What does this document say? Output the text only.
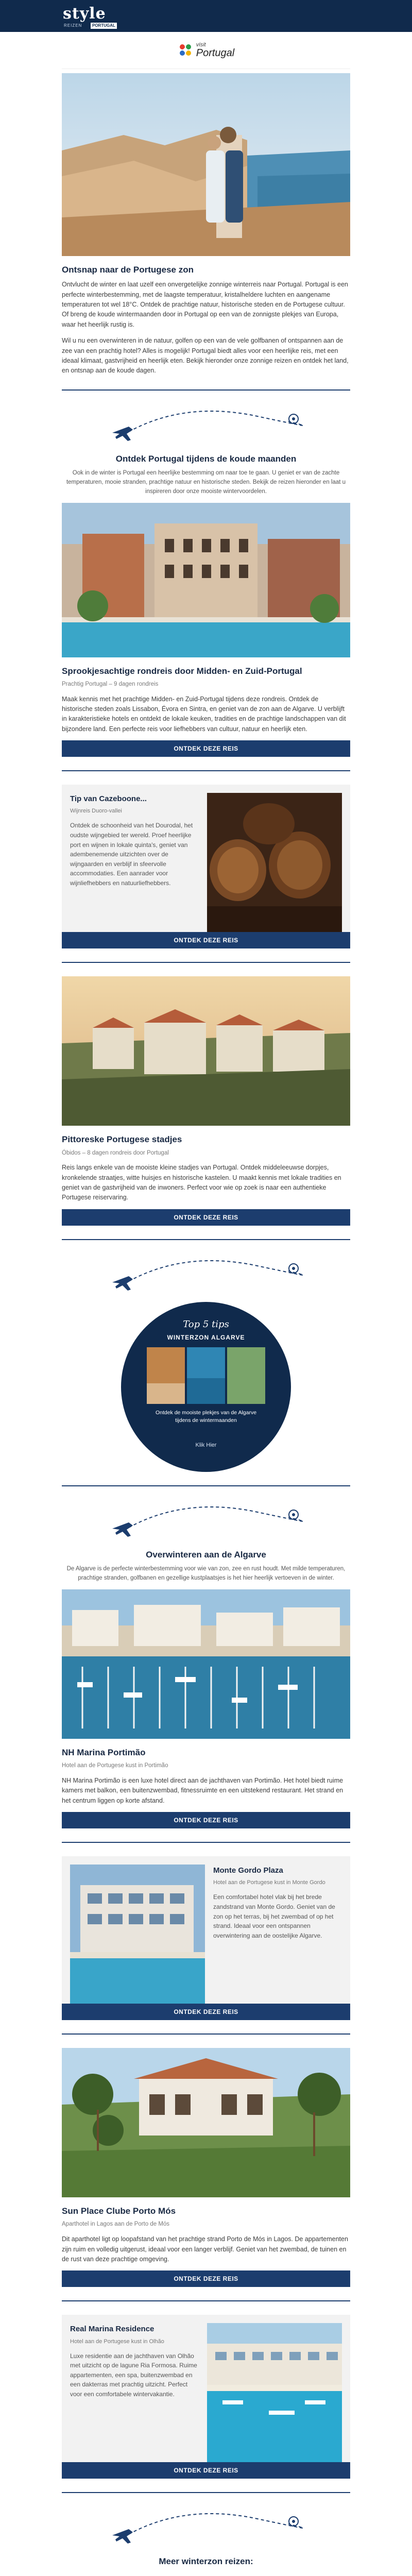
style
REIZEN	PORTUGAL
visit
Portugal
Ontsnap naar de Portugese zon

Ontvlucht de winter en laat uzelf een onvergetelijke zonnige winterreis naar Portugal. Portugal is een perfecte winterbestemming, met de laagste temperatuur, kristalheldere luchten en aangename temperaturen tot wel 18°C. Ontdek de prachtige natuur, historische steden en de Portugese cultuur. Of breng de koude wintermaanden door in Portugal op een van de zonnigste plekjes van Europa, waar het heerlijk rustig is.

Wil u nu een overwinteren in de natuur, golfen op een van de vele golfbanen of ontspannen aan de zee van een prachtig hotel? Alles is mogelijk! Portugal biedt alles voor een heerlijke reis, met een ideaal klimaat, gastvrijheid en heerlijk eten. Bekijk hieronder onze zonnige reizen en ontdek het land, en ontsnap aan de koude dagen.

Ontdek Portugal tijdens de koude maanden

Ook in de winter is Portugal een heerlijke bestemming om naar toe te gaan. U geniet er van de zachte temperaturen, mooie stranden, prachtige natuur en historische steden. Bekijk de reizen hieronder en laat u inspireren door onze mooiste wintervoordelen.

Sprookjesachtige rondreis door Midden- en Zuid-Portugal

Prachtig Portugal – 9 dagen rondreis

Maak kennis met het prachtige Midden- en Zuid-Portugal tijdens deze rondreis. Ontdek de historische steden zoals Lissabon, Évora en Sintra, en geniet van de zon aan de Algarve. U verblijft in karakteristieke hotels en ontdekt de lokale keuken, tradities en de prachtige landschappen van dit bijzondere land. Een perfecte reis voor liefhebbers van cultuur, natuur en heerlijk eten.

ONTDEK DEZE REIS
Tip van Cazeboone...
Wijnreis Duoro-vallei
Ontdek de schoonheid van het Dourodal, het oudste wijngebied ter wereld. Proef heerlijke port en wijnen in lokale quinta's, geniet van adembenemende uitzichten over de wijngaarden en verblijf in sfeervolle accommodaties. Een aanrader voor wijnliefhebbers en natuurliefhebbers.
ONTDEK DEZE REIS
Pittoreske Portugese stadjes

Óbidos – 8 dagen rondreis door Portugal

Reis langs enkele van de mooiste kleine stadjes van Portugal. Ontdek middeleeuwse dorpjes, kronkelende straatjes, witte huisjes en historische kastelen. U maakt kennis met lokale tradities en geniet van de gastvrijheid van de inwoners. Perfect voor wie op zoek is naar een authentieke Portugese reiservaring.

ONTDEK DEZE REIS
Top 5 tips
WINTERZON ALGARVE
Ontdek de mooiste plekjes van de Algarve tijdens de wintermaanden
Klik Hier
Overwinteren aan de Algarve

De Algarve is de perfecte winterbestemming voor wie van zon, zee en rust houdt. Met milde temperaturen, prachtige stranden, golfbanen en gezellige kustplaatsjes is het hier heerlijk vertoeven in de winter.

NH Marina Portimão

Hotel aan de Portugese kust in Portimão

NH Marina Portimão is een luxe hotel direct aan de jachthaven van Portimão. Het hotel biedt ruime kamers met balkon, een buitenzwembad, fitnessruimte en een uitstekend restaurant. Het strand en het centrum liggen op korte afstand.

ONTDEK DEZE REIS
Monte Gordo Plaza
Hotel aan de Portugese kust in Monte Gordo
Een comfortabel hotel vlak bij het brede zandstrand van Monte Gordo. Geniet van de zon op het terras, bij het zwembad of op het strand. Ideaal voor een ontspannen overwintering aan de oostelijke Algarve.
ONTDEK DEZE REIS
Sun Place Clube Porto Mós

Aparthotel in Lagos aan de Porto de Mós

Dit aparthotel ligt op loopafstand van het prachtige strand Porto de Mós in Lagos. De appartementen zijn ruim en volledig uitgerust, ideaal voor een langer verblijf. Geniet van het zwembad, de tuinen en de rust van deze prachtige omgeving.

ONTDEK DEZE REIS
Real Marina Residence
Hotel aan de Portugese kust in Olhão
Luxe residentie aan de jachthaven van Olhão met uitzicht op de lagune Ria Formosa. Ruime appartementen, een spa, buitenzwembad en een dakterras met prachtig uitzicht. Perfect voor een comfortabele wintervakantie.
ONTDEK DEZE REIS
Meer winterzon reizen:
